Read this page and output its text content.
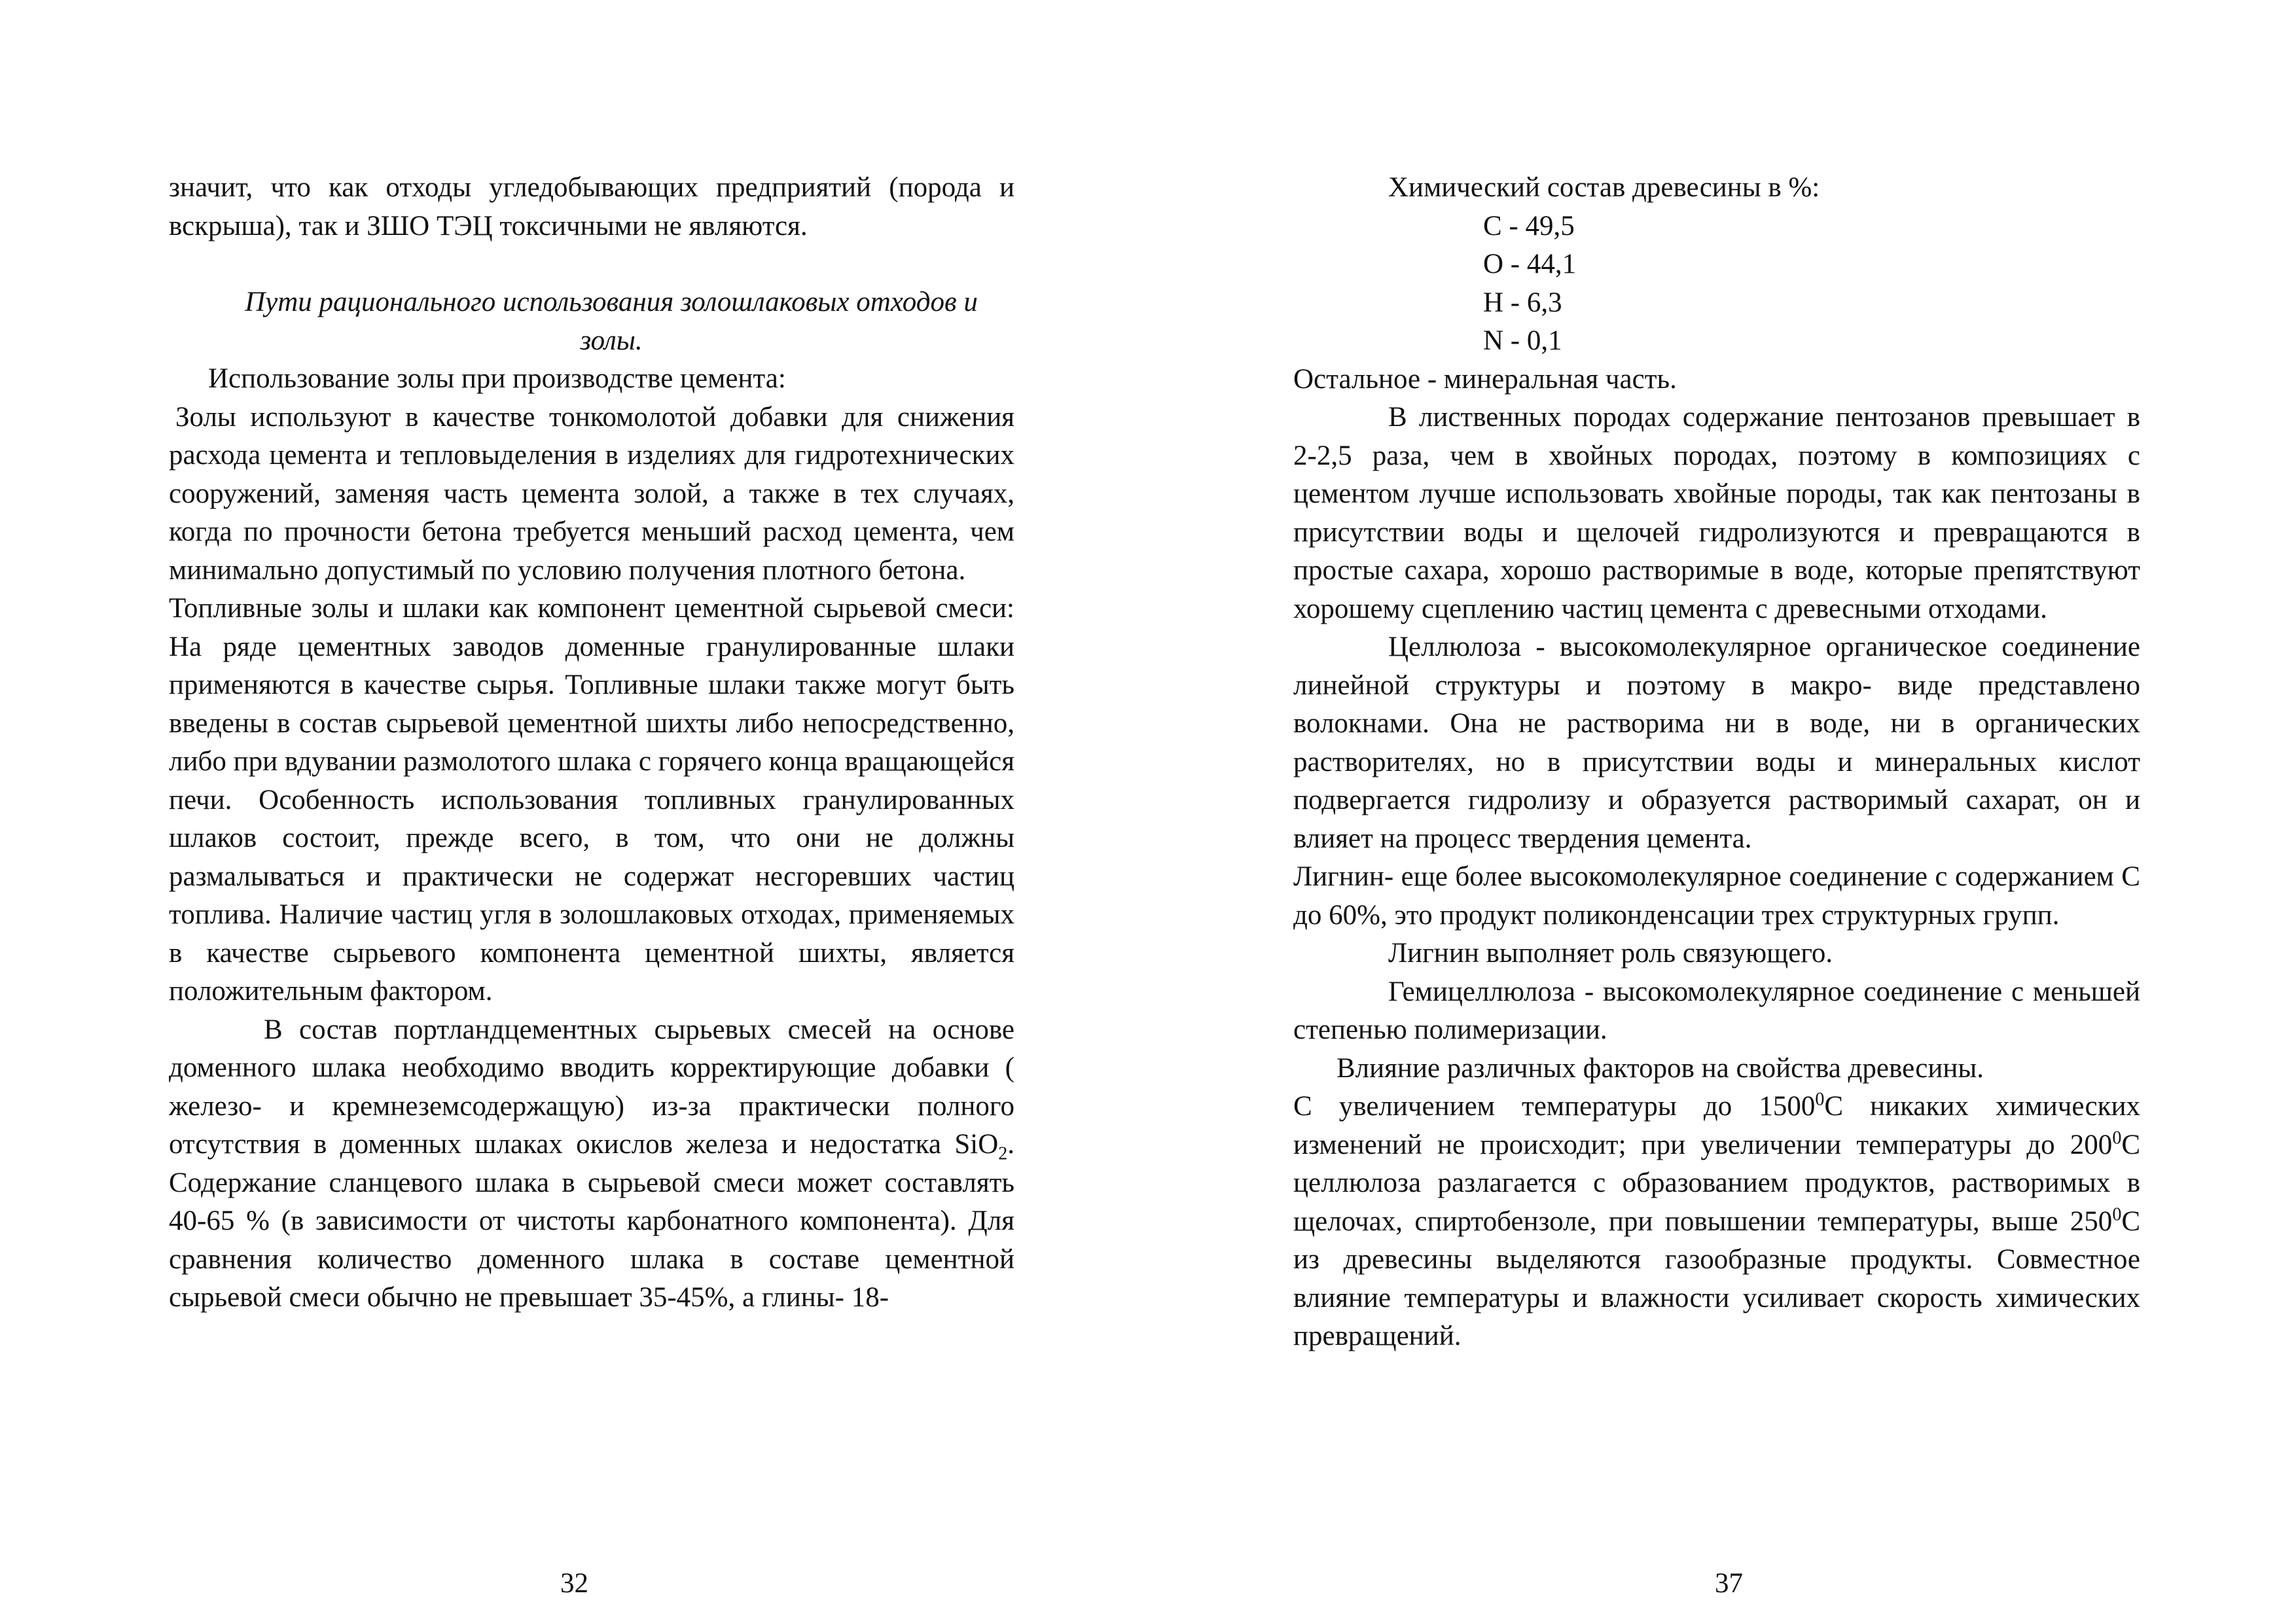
значит, что как отходы угледобывающих предприятий (порода и вскрыша), так и ЗШО ТЭЦ токсичными не являются.

Пути рационального использования золошлаковых отходов и золы.

Использование золы при производстве цемента:

Золы используют в качестве тонкомолотой добавки для снижения расхода цемента и тепловыделения в изделиях для гидротехнических сооружений, заменяя часть цемента золой, а также в тех случаях, когда по прочности бетона требуется меньший расход цемента, чем минимально допустимый по условию получения плотного бетона.

Топливные золы и шлаки как компонент цементной сырьевой смеси: На ряде цементных заводов доменные гранулированные шлаки применяются в качестве сырья. Топливные шлаки также могут быть введены в состав сырьевой цементной шихты либо непосредственно, либо при вдувании размолотого шлака с горячего конца вращающейся печи. Особенность использования топливных гранулированных шлаков состоит, прежде всего, в том, что они не должны размалываться и практически не содержат несгоревших частиц топлива. Наличие частиц угля в золошлаковых отходах, применяемых в качестве сырьевого компонента цементной шихты, является положительным фактором.

В состав портландцементных сырьевых смесей на основе доменного шлака необходимо вводить корректирующие добавки ( железо- и кремнеземсодержащую) из-за практически полного отсутствия в доменных шлаках окислов железа и недостатка SiO$_2$. Содержание сланцевого шлака в сырьевой смеси может составлять 40-65 % (в зависимости от чистоты карбонатного компонента). Для сравнения количество доменного шлака в составе цементной сырьевой смеси обычно не превышает 35-45%, а глины- 18-

32

Химический состав древесины в %:

С - 49,5

О - 44,1

Н - 6,3

N - 0,1

Остальное - минеральная часть.

В лиственных породах содержание пентозанов превышает в 2-2,5 раза, чем в хвойных породах, поэтому в композициях с цементом лучше использовать хвойные породы, так как пентозаны в присутствии воды и щелочей гидролизуются и превращаются в простые сахара, хорошо растворимые в воде, которые препятствуют хорошему сцеплению частиц цемента с древесными отходами.

Целлюлоза - высокомолекулярное органическое соединение линейной структуры и поэтому в макро- виде представлено волокнами. Она не растворима ни в воде, ни в органических растворителях, но в присутствии воды и минеральных кислот подвергается гидролизу и образуется растворимый сахарат, он и влияет на процесс твердения цемента.

Лигнин- еще более высокомолекулярное соединение с содержанием С до 60%, это продукт поликонденсации трех структурных групп.

Лигнин выполняет роль связующего.

Гемицеллюлоза - высокомолекулярное соединение с меньшей степенью полимеризации.

Влияние различных факторов на свойства древесины.

С увеличением температуры до 1500$^0$С никаких химических изменений не происходит; при увеличении температуры до $200^0С$ целлюлоза разлагается с образованием продуктов, растворимых в щелочах, спиртобензоле, при повышении температуры, выше $250^0С$ из древесины выделяются газообразные продукты. Совместное влияние температуры и влажности усиливает скорость химических превращений.

37
